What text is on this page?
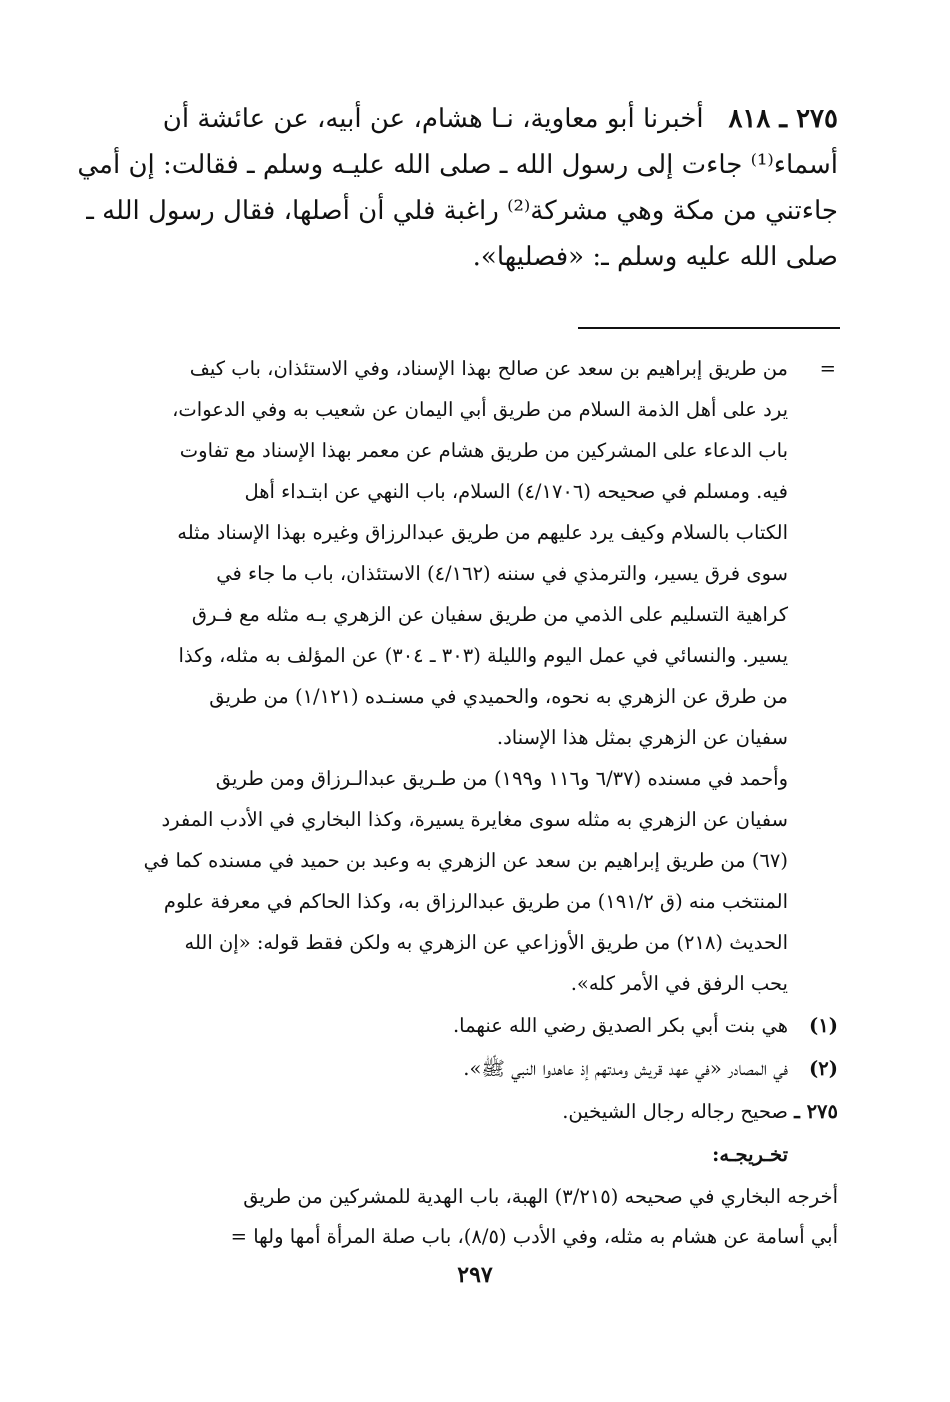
٢٧٥ ـ ٨١٨   أخبرنا أبو معاوية، نـا هشام، عن أبيه، عن عائشة أن
أسماء⁽¹⁾ جاءت إلى رسول الله ـ صلى الله عليـه وسلم ـ فقالت: إن أمي
جاءتني من مكة وهي مشركة⁽²⁾ راغبة فلي أن أصلها، فقال رسول الله ـ
صلى الله عليه وسلم ـ: «فصليها».
=
من طريق إبراهيم بن سعد عن صالح بهذا الإسناد، وفي الاستئذان، باب كيف
يرد على أهل الذمة السلام من طريق أبي اليمان عن شعيب به وفي الدعوات،
باب الدعاء على المشركين من طريق هشام عن معمر بهذا الإسناد مع تفاوت
فيه. ومسلم في صحيحه (٤/١٧٠٦) السلام، باب النهي عن ابتـداء أهل
الكتاب بالسلام وكيف يرد عليهم من طريق عبدالرزاق وغيره بهذا الإسناد مثله
سوى فرق يسير، والترمذي في سننه (٤/١٦٢) الاستئذان، باب ما جاء في
كراهية التسليم على الذمي من طريق سفيان عن الزهري بـه مثله مع فـرق
يسير. والنسائي في عمل اليوم والليلة (٣٠٣ ـ ٣٠٤) عن المؤلف به مثله، وكذا
من طرق عن الزهري به نحوه، والحميدي في مسنـده (١/١٢١) من طريق
سفيان عن الزهري بمثل هذا الإسناد.
وأحمد في مسنده (٦/٣٧ و١١٦ و١٩٩) من طـريق عبدالـرزاق ومن طريق
سفيان عن الزهري به مثله سوى مغايرة يسيرة، وكذا البخاري في الأدب المفرد
(٦٧) من طريق إبراهيم بن سعد عن الزهري به وعبد بن حميد في مسنده كما في
المنتخب منه (ق ١٩١/٢) من طريق عبدالرزاق به، وكذا الحاكم في معرفة علوم
الحديث (٢١٨) من طريق الأوزاعي عن الزهري به ولكن فقط قوله: «إن الله
يحب الرفق في الأمر كله».
(١)
هي بنت أبي بكر الصديق رضي الله عنهما.
(٢)
في المصادر «في عهد قريش ومدتهم إذ عاهدوا النبي ﷺ».
٢٧٥ ـ
صحيح رجاله رجال الشيخين.
تخـريجـه:
أخرجه البخاري في صحيحه (٣/٢١٥) الهبة، باب الهدية للمشركين من طريق
أبي أسامة عن هشام به مثله، وفي الأدب (٨/٥)، باب صلة المرأة أمها ولها =
٢٩٧
